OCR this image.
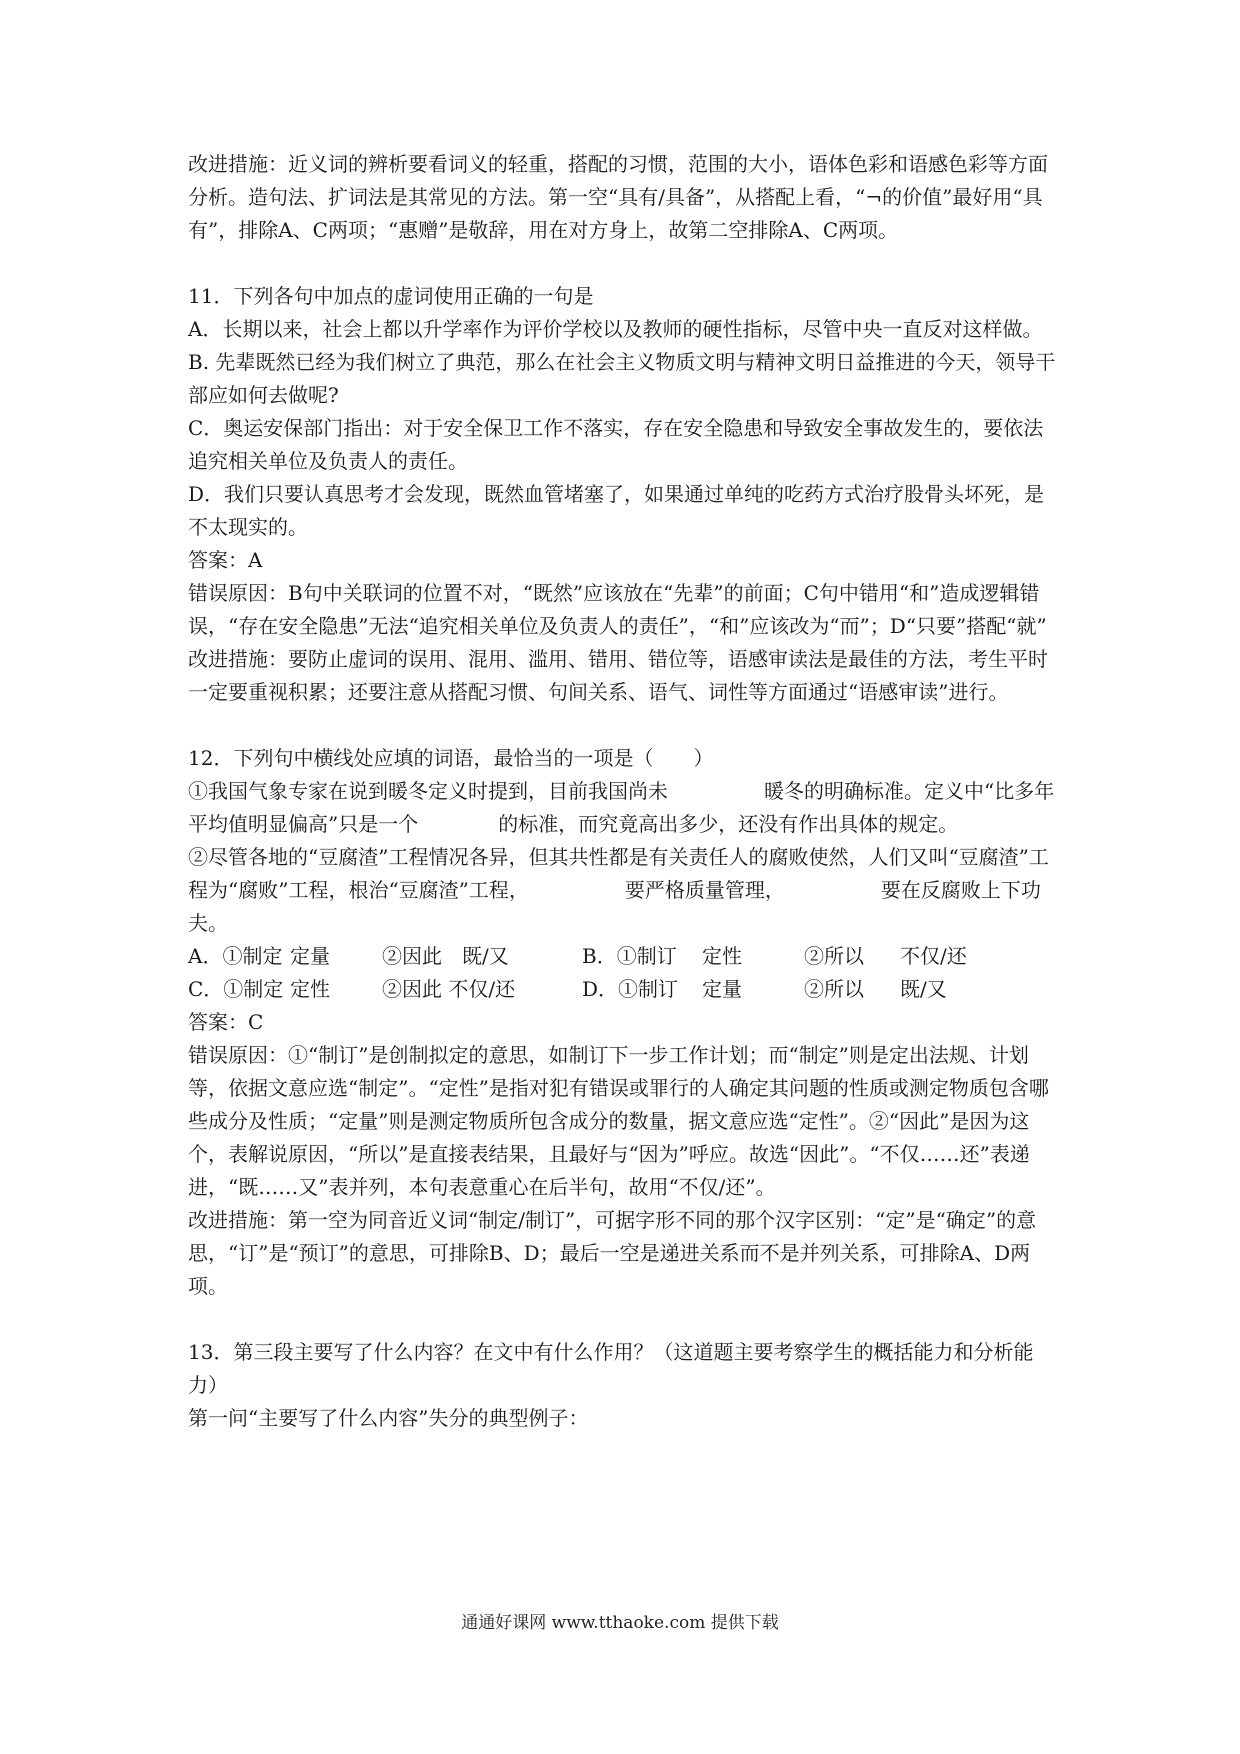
改进措施：近义词的辨析要看词义的轻重，搭配的习惯，范围的大小，语体色彩和语感色彩等方面分析。造句法、扩词法是其常见的方法。第一空“具有/具备”，从搭配上看，“¬的价值”最好用“具有”，排除A、C两项；“惠赠”是敬辞，用在对方身上，故第二空排除A、C两项。

11．下列各句中加点的虚词使用正确的一句是

A．长期以来，社会上都以升学率作为评价学校以及教师的硬性指标，尽管中央一直反对这样做。

B. 先辈既然已经为我们树立了典范，那么在社会主义物质文明与精神文明日益推进的今天，领导干部应如何去做呢?

C．奥运安保部门指出：对于安全保卫工作不落实，存在安全隐患和导致安全事故发生的，要依法追究相关单位及负责人的责任。

D．我们只要认真思考才会发现，既然血管堵塞了，如果通过单纯的吃药方式治疗股骨头坏死，是不太现实的。

答案：A

错误原因：B句中关联词的位置不对，“既然”应该放在“先辈”的前面；C句中错用“和”造成逻辑错误，“存在安全隐患”无法“追究相关单位及负责人的责任”，“和”应该改为“而”；D“只要”搭配“就”

改进措施：要防止虚词的误用、混用、滥用、错用、错位等，语感审读法是最佳的方法，考生平时一定要重视积累；还要注意从搭配习惯、句间关系、语气、词性等方面通过“语感审读”进行。

12．下列句中横线处应填的词语，最恰当的一项是（　　）

①我国气象专家在说到暖冬定义时提到，目前我国尚未	暖冬的明确标准。定义中“比多年平均值明显偏高”只是一个	的标准，而究竟高出多少，还没有作出具体的规定。

②尽管各地的“豆腐渣”工程情况各异，但其共性都是有关责任人的腐败使然，人们又叫“豆腐渣”工程为“腐败”工程，根治“豆腐渣”工程，	要严格质量管理，	要在反腐败上下功夫。

A．①制定 定量	②因此　既/又	B．①制订	定性	②所以	不仅/还
C．①制定 定性	②因此 不仅/还	D．①制订	定量	②所以	既/又

答案：C

错误原因：①“制订”是创制拟定的意思，如制订下一步工作计划；而“制定”则是定出法规、计划等，依据文意应选“制定”。“定性”是指对犯有错误或罪行的人确定其问题的性质或测定物质包含哪些成分及性质；“定量”则是测定物质所包含成分的数量，据文意应选“定性”。②“因此”是因为这个，表解说原因，“所以”是直接表结果，且最好与“因为”呼应。故选“因此”。“不仅……还”表递进，“既……又”表并列，本句表意重心在后半句，故用“不仅/还”。

改进措施：第一空为同音近义词“制定/制订”，可据字形不同的那个汉字区别：“定”是“确定”的意思，“订”是“预订”的意思，可排除B、D；最后一空是递进关系而不是并列关系，可排除A、D两项。

13．第三段主要写了什么内容？在文中有什么作用？（这道题主要考察学生的概括能力和分析能力）

第一问“主要写了什么内容”失分的典型例子：

通通好课网 www.tthaoke.com 提供下载
